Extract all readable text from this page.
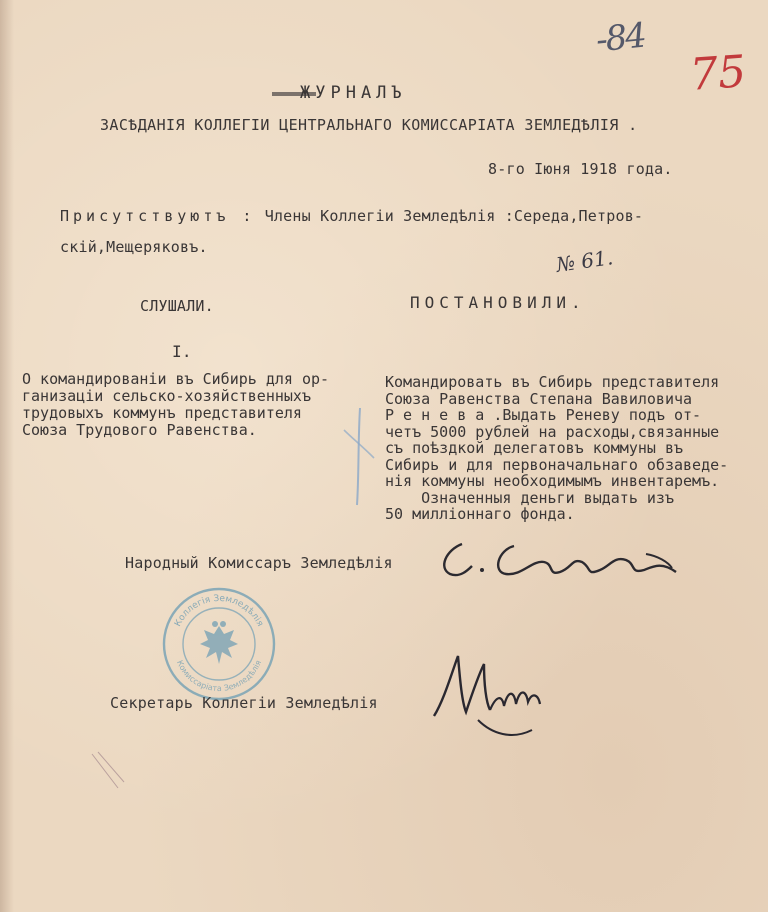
-84
75
ЖУРНАЛЪ
ЗАСѢДАНІЯ КОЛЛЕГІИ ЦЕНТРАЛЬНАГО КОМИССАРІАТА ЗЕМЛЕДѢЛІЯ .
8-го Іюня 1918 года.
Присутствуютъ : Члены Коллегіи Земледѣлія :Середа,Петров-
скій,Мещеряковъ.	№ 61.
СЛУШАЛИ.	ПОСТАНОВИЛИ.
I.
О командированіи въ Сибирь для ор-
ганизаціи сельско-хозяйственныхъ
трудовыхъ коммунъ представителя
Союза Трудового Равенства.
Командировать въ Сибирь представителя
Союза Равенства Степана Вавиловича
Р е н е в а .Выдать Реневу подъ от-
четъ 5000 рублей на расходы,связанные
съ поѣздкой делегатовъ коммуны въ
Сибирь и для первоначальнаго обзаведе-
нія коммуны необходимымъ инвентаремъ.
Означенныя деньги выдать изъ
50 милліоннаго фонда.
Народный Комиссаръ Земледѣлія
Коллегія Земледѣлія
Комиссаріата Земледѣлія
Секретарь Коллегіи Земледѣлія
